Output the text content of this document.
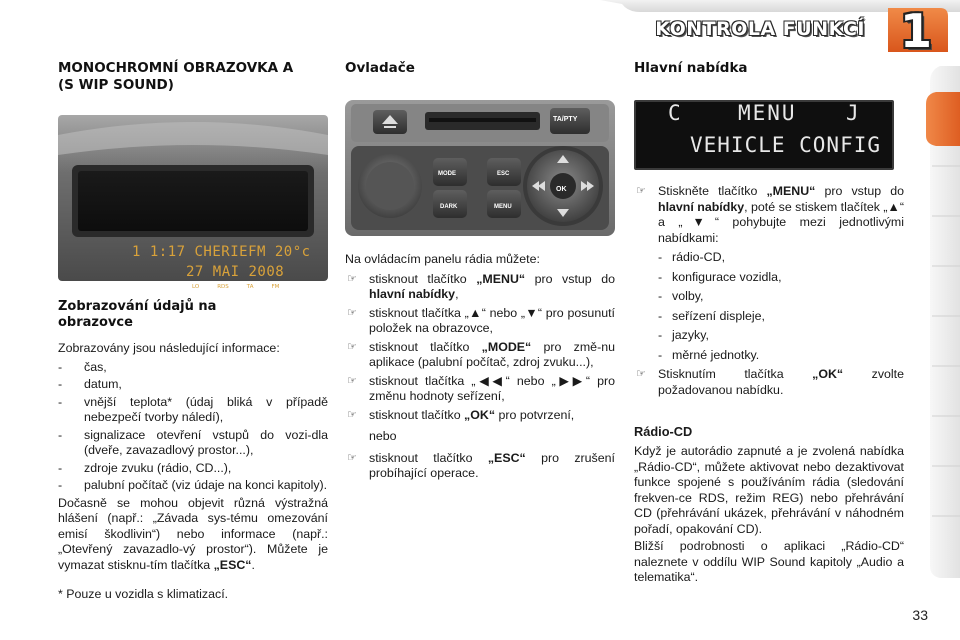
KONTROLA FUNKCÍ 1
MONOCHROMNÍ OBRAZOVKA A
(S WIP SOUND)
1 1:17 CHERIEFM 20°c
27 MAI 2008
LO	RDS	TA	FM
Zobrazování údajů na
obrazovce

Zobrazovány jsou následující informace:

- čas,
- datum,
- vnější teplota* (údaj bliká v případě nebezpečí tvorby náledí),
- signalizace otevření vstupů do vozi-dla (dveře, zavazadlový prostor...),
- zdroje zvuku (rádio, CD...),
- palubní počítač (viz údaje na konci kapitoly).

Dočasně se mohou objevit různá výstražná hlášení (např.: „Závada sys-tému omezování emisí škodlivin“) nebo informace (např.: „Otevřený zavazadlo-vý prostor“). Můžete je vymazat stisknu-tím tlačítka „ESC“.

* Pouze u vozidla s klimatizací.

Ovladače
TA/PTY
MODE
DARK
ESC
MENU
OK

Na ovládacím panelu rádia můžete:

☞ stisknout tlačítko „MENU“ pro vstup do hlavní nabídky,
☞ stisknout tlačítka „▲“ nebo „▼“ pro posunutí položek na obrazovce,
☞ stisknout tlačítko „MODE“ pro změ-nu aplikace (palubní počítač, zdroj zvuku...),
☞ stisknout tlačítka „◀◀“ nebo „▶▶“ pro změnu hodnoty seřízení,
☞ stisknout tlačítko „OK“ pro potvrzení,

nebo

☞ stisknout tlačítko „ESC“ pro zrušení probíhající operace.
Hlavní nabídka
C	MENU J
VEHICLE CONFIG
☞ Stiskněte tlačítko „MENU“ pro vstup do hlavní nabídky, poté se stiskem tlačítek „▲“ a „▼“ pohybujte mezi jednotlivými nabídkami:
- rádio-CD,
- konfigurace vozidla,
- volby,
- seřízení displeje,
- jazyky,
- měrné jednotky.
☞ Stisknutím tlačítka „OK“ zvolte požadovanou nabídku.
Rádio-CD

Když je autorádio zapnuté a je zvolená nabídka „Rádio-CD“, můžete aktivovat nebo dezaktivovat funkce spojené s používáním rádia (sledování frekven-ce RDS, režim REG) nebo přehrávání CD (přehrávání ukázek, přehrávání v náhodném pořadí, opakování CD).

Bližší podrobnosti o aplikaci „Rádio-CD“ naleznete v oddílu WIP Sound kapitoly „Audio a telematika“.

33
